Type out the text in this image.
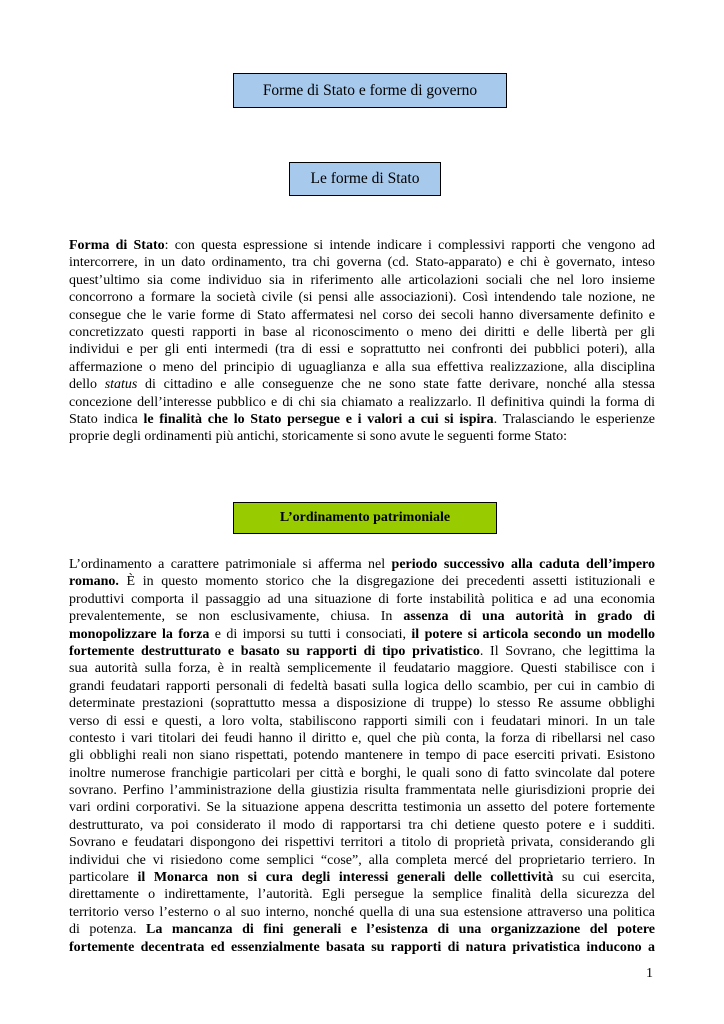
Forme di Stato e forme di governo
Le forme di Stato
Forma di Stato: con questa espressione si intende indicare i complessivi rapporti che vengono ad
intercorrere, in un dato ordinamento, tra chi governa (cd. Stato-apparato) e chi è governato, inteso
quest’ultimo sia come individuo sia in riferimento alle articolazioni sociali che nel loro insieme
concorrono a formare la società civile (si pensi alle associazioni). Così intendendo tale nozione, ne
consegue che le varie forme di Stato affermatesi nel corso dei secoli hanno diversamente definito e
concretizzato questi rapporti in base al riconoscimento o meno dei diritti e delle libertà per gli
individui e per gli enti intermedi (tra di essi e soprattutto nei confronti dei pubblici poteri), alla
affermazione o meno del principio di uguaglianza e alla sua effettiva realizzazione, alla disciplina
dello status di cittadino e alle conseguenze che ne sono state fatte derivare, nonché alla stessa
concezione dell’interesse pubblico e di chi sia chiamato a realizzarlo. Il definitiva quindi la forma di
Stato indica le finalità che lo Stato persegue e i valori a cui si ispira. Tralasciando le esperienze
proprie degli ordinamenti più antichi, storicamente si sono avute le seguenti forme Stato:
L’ordinamento patrimoniale
L’ordinamento a carattere patrimoniale si afferma nel periodo successivo alla caduta dell’impero
romano. È in questo momento storico che la disgregazione dei precedenti assetti istituzionali e
produttivi comporta il passaggio ad una situazione di forte instabilità politica e ad una economia
prevalentemente, se non esclusivamente, chiusa. In assenza di una autorità in grado di
monopolizzare la forza e di imporsi su tutti i consociati, il potere si articola secondo un modello
fortemente destrutturato e basato su rapporti di tipo privatistico. Il Sovrano, che legittima la
sua autorità sulla forza, è in realtà semplicemente il feudatario maggiore. Questi stabilisce con i
grandi feudatari rapporti personali di fedeltà basati sulla logica dello scambio, per cui in cambio di
determinate prestazioni (soprattutto messa a disposizione di truppe) lo stesso Re assume obblighi
verso di essi e questi, a loro volta, stabiliscono rapporti simili con i feudatari minori. In un tale
contesto i vari titolari dei feudi hanno il diritto e, quel che più conta, la forza di ribellarsi nel caso
gli obblighi reali non siano rispettati, potendo mantenere in tempo di pace eserciti privati. Esistono
inoltre numerose franchigie particolari per città e borghi, le quali sono di fatto svincolate dal potere
sovrano. Perfino l’amministrazione della giustizia risulta frammentata nelle giurisdizioni proprie dei
vari ordini corporativi. Se la situazione appena descritta testimonia un assetto del potere fortemente
destrutturato, va poi considerato il modo di rapportarsi tra chi detiene questo potere e i sudditi.
Sovrano e feudatari dispongono dei rispettivi territori a titolo di proprietà privata, considerando gli
individui che vi risiedono come semplici “cose”, alla completa mercé del proprietario terriero. In
particolare il Monarca non si cura degli interessi generali delle collettività su cui esercita,
direttamente o indirettamente, l’autorità. Egli persegue la semplice finalità della sicurezza del
territorio verso l’esterno o al suo interno, nonché quella di una sua estensione attraverso una politica
di potenza. La mancanza di fini generali e l’esistenza di una organizzazione del potere
fortemente decentrata ed essenzialmente basata su rapporti di natura privatistica inducono a
1
